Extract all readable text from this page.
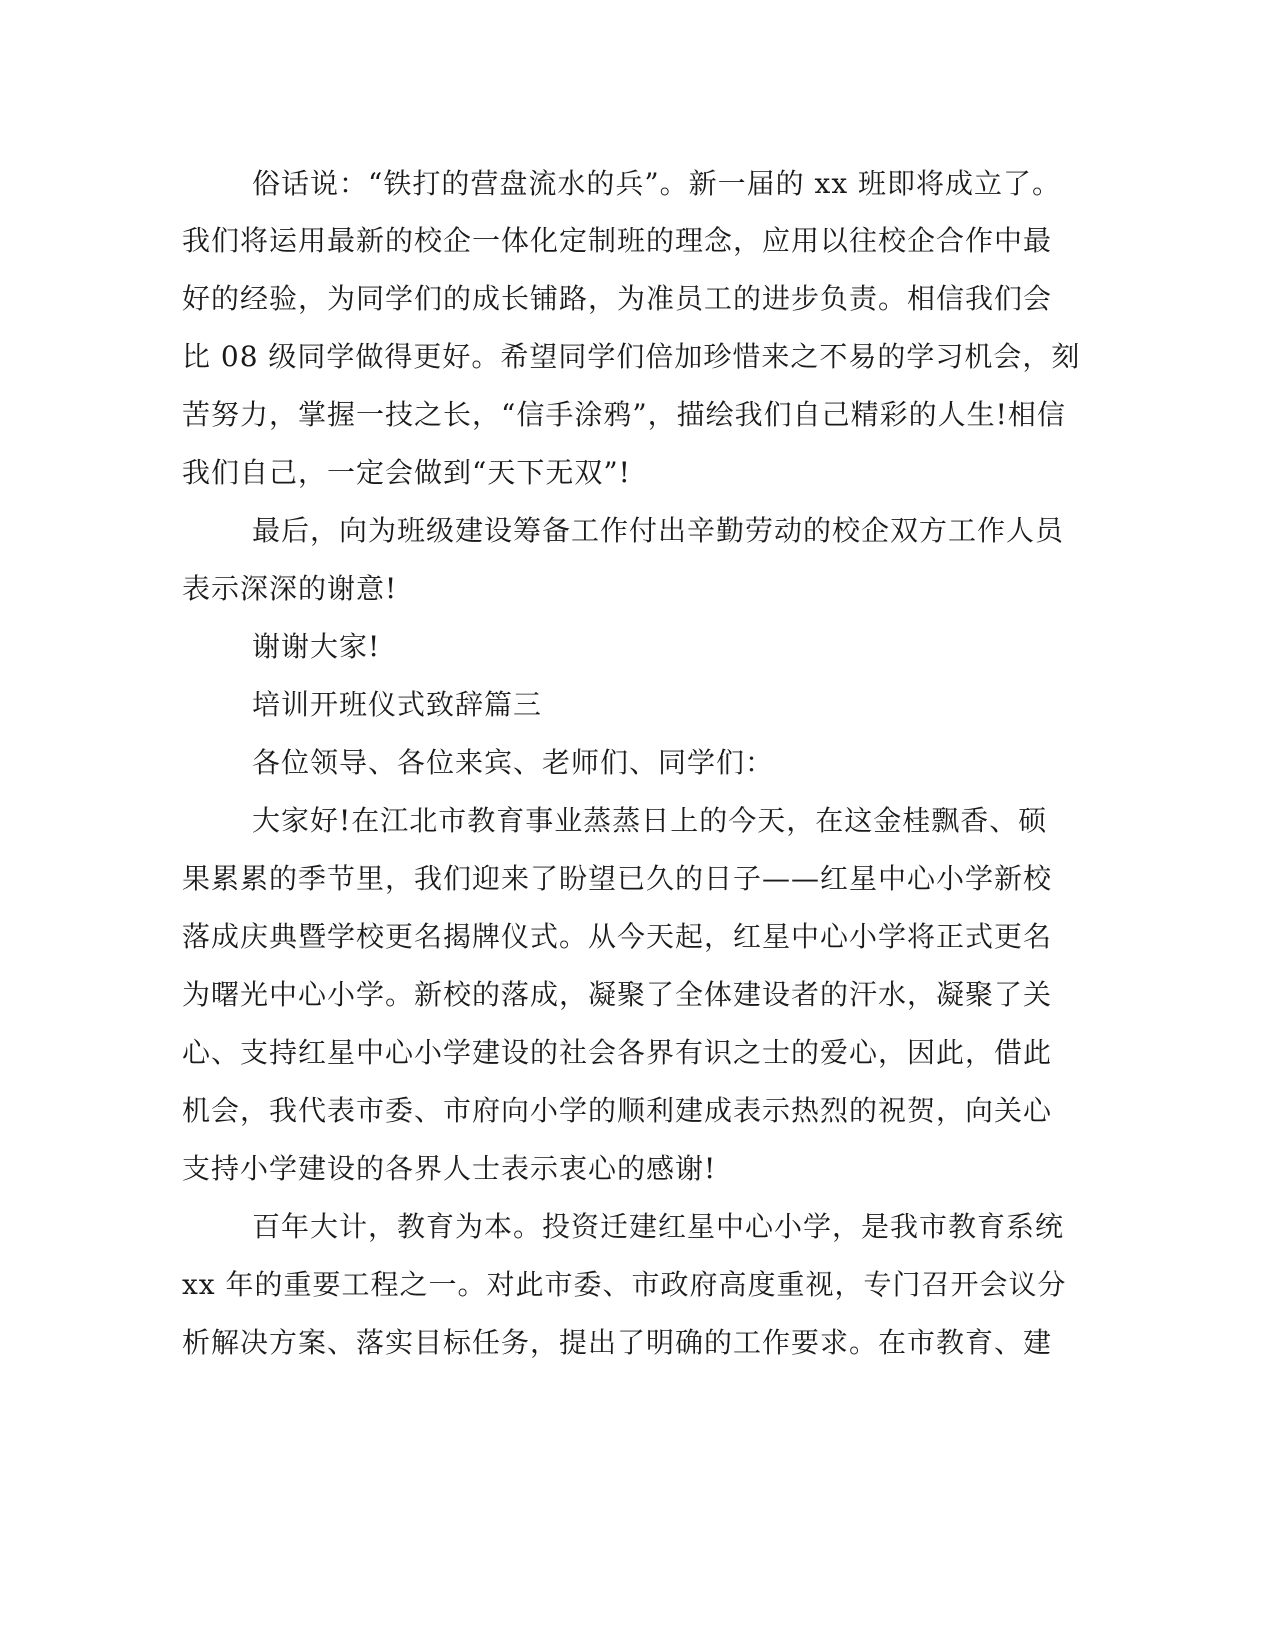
俗话说：“铁打的营盘流水的兵”。新一届的 xx 班即将成立了。
我们将运用最新的校企一体化定制班的理念，应用以往校企合作中最
好的经验，为同学们的成长铺路，为准员工的进步负责。相信我们会
比 08 级同学做得更好。希望同学们倍加珍惜来之不易的学习机会，刻
苦努力，掌握一技之长，“信手涂鸦”，描绘我们自己精彩的人生!相信
我们自己，一定会做到“天下无双”!
最后，向为班级建设筹备工作付出辛勤劳动的校企双方工作人员
表示深深的谢意!
谢谢大家!
培训开班仪式致辞篇三
各位领导、各位来宾、老师们、同学们：
大家好!在江北市教育事业蒸蒸日上的今天，在这金桂飘香、硕
果累累的季节里，我们迎来了盼望已久的日子——红星中心小学新校
落成庆典暨学校更名揭牌仪式。从今天起，红星中心小学将正式更名
为曙光中心小学。新校的落成，凝聚了全体建设者的汗水，凝聚了关
心、支持红星中心小学建设的社会各界有识之士的爱心，因此，借此
机会，我代表市委、市府向小学的顺利建成表示热烈的祝贺，向关心
支持小学建设的各界人士表示衷心的感谢!
百年大计，教育为本。投资迁建红星中心小学，是我市教育系统
xx 年的重要工程之一。对此市委、市政府高度重视，专门召开会议分
析解决方案、落实目标任务，提出了明确的工作要求。在市教育、建
